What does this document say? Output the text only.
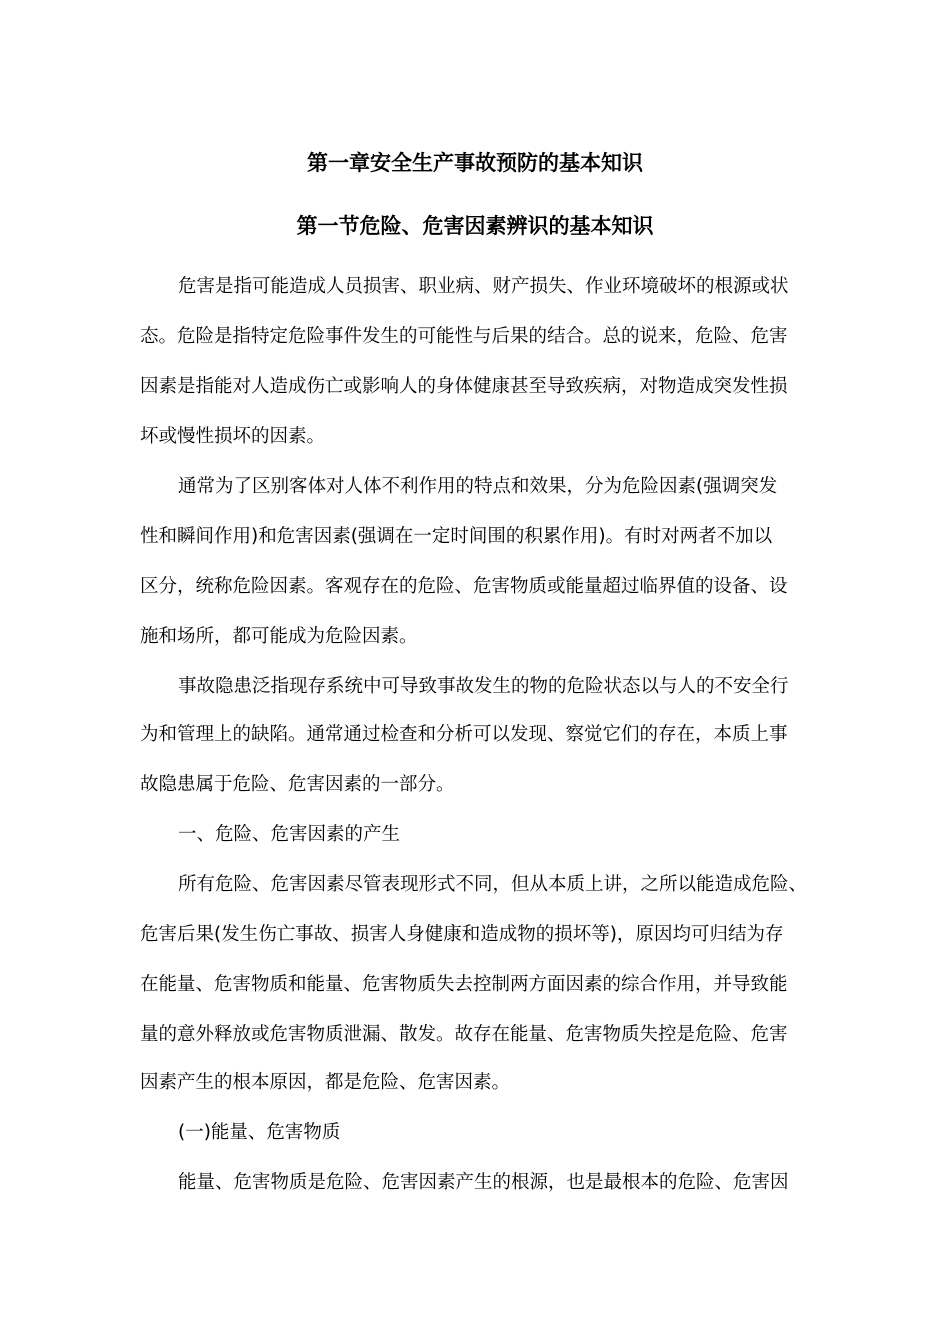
第一章安全生产事故预防的基本知识
第一节危险、危害因素辨识的基本知识

危害是指可能造成人员损害、职业病、财产损失、作业环境破坏的根源或状

态。危险是指特定危险事件发生的可能性与后果的结合。总的说来，危险、危害

因素是指能对人造成伤亡或影响人的身体健康甚至导致疾病，对物造成突发性损

坏或慢性损坏的因素。

通常为了区别客体对人体不利作用的特点和效果，分为危险因素(强调突发

性和瞬间作用)和危害因素(强调在一定时间围的积累作用)。有时对两者不加以

区分，统称危险因素。客观存在的危险、危害物质或能量超过临界值的设备、设

施和场所，都可能成为危险因素。

事故隐患泛指现存系统中可导致事故发生的物的危险状态以与人的不安全行

为和管理上的缺陷。通常通过检查和分析可以发现、察觉它们的存在，本质上事

故隐患属于危险、危害因素的一部分。

一、危险、危害因素的产生

所有危险、危害因素尽管表现形式不同，但从本质上讲，之所以能造成危险、

危害后果(发生伤亡事故、损害人身健康和造成物的损坏等)，原因均可归结为存

在能量、危害物质和能量、危害物质失去控制两方面因素的综合作用，并导致能

量的意外释放或危害物质泄漏、散发。故存在能量、危害物质失控是危险、危害

因素产生的根本原因，都是危险、危害因素。

(一)能量、危害物质

能量、危害物质是危险、危害因素产生的根源，也是最根本的危险、危害因
